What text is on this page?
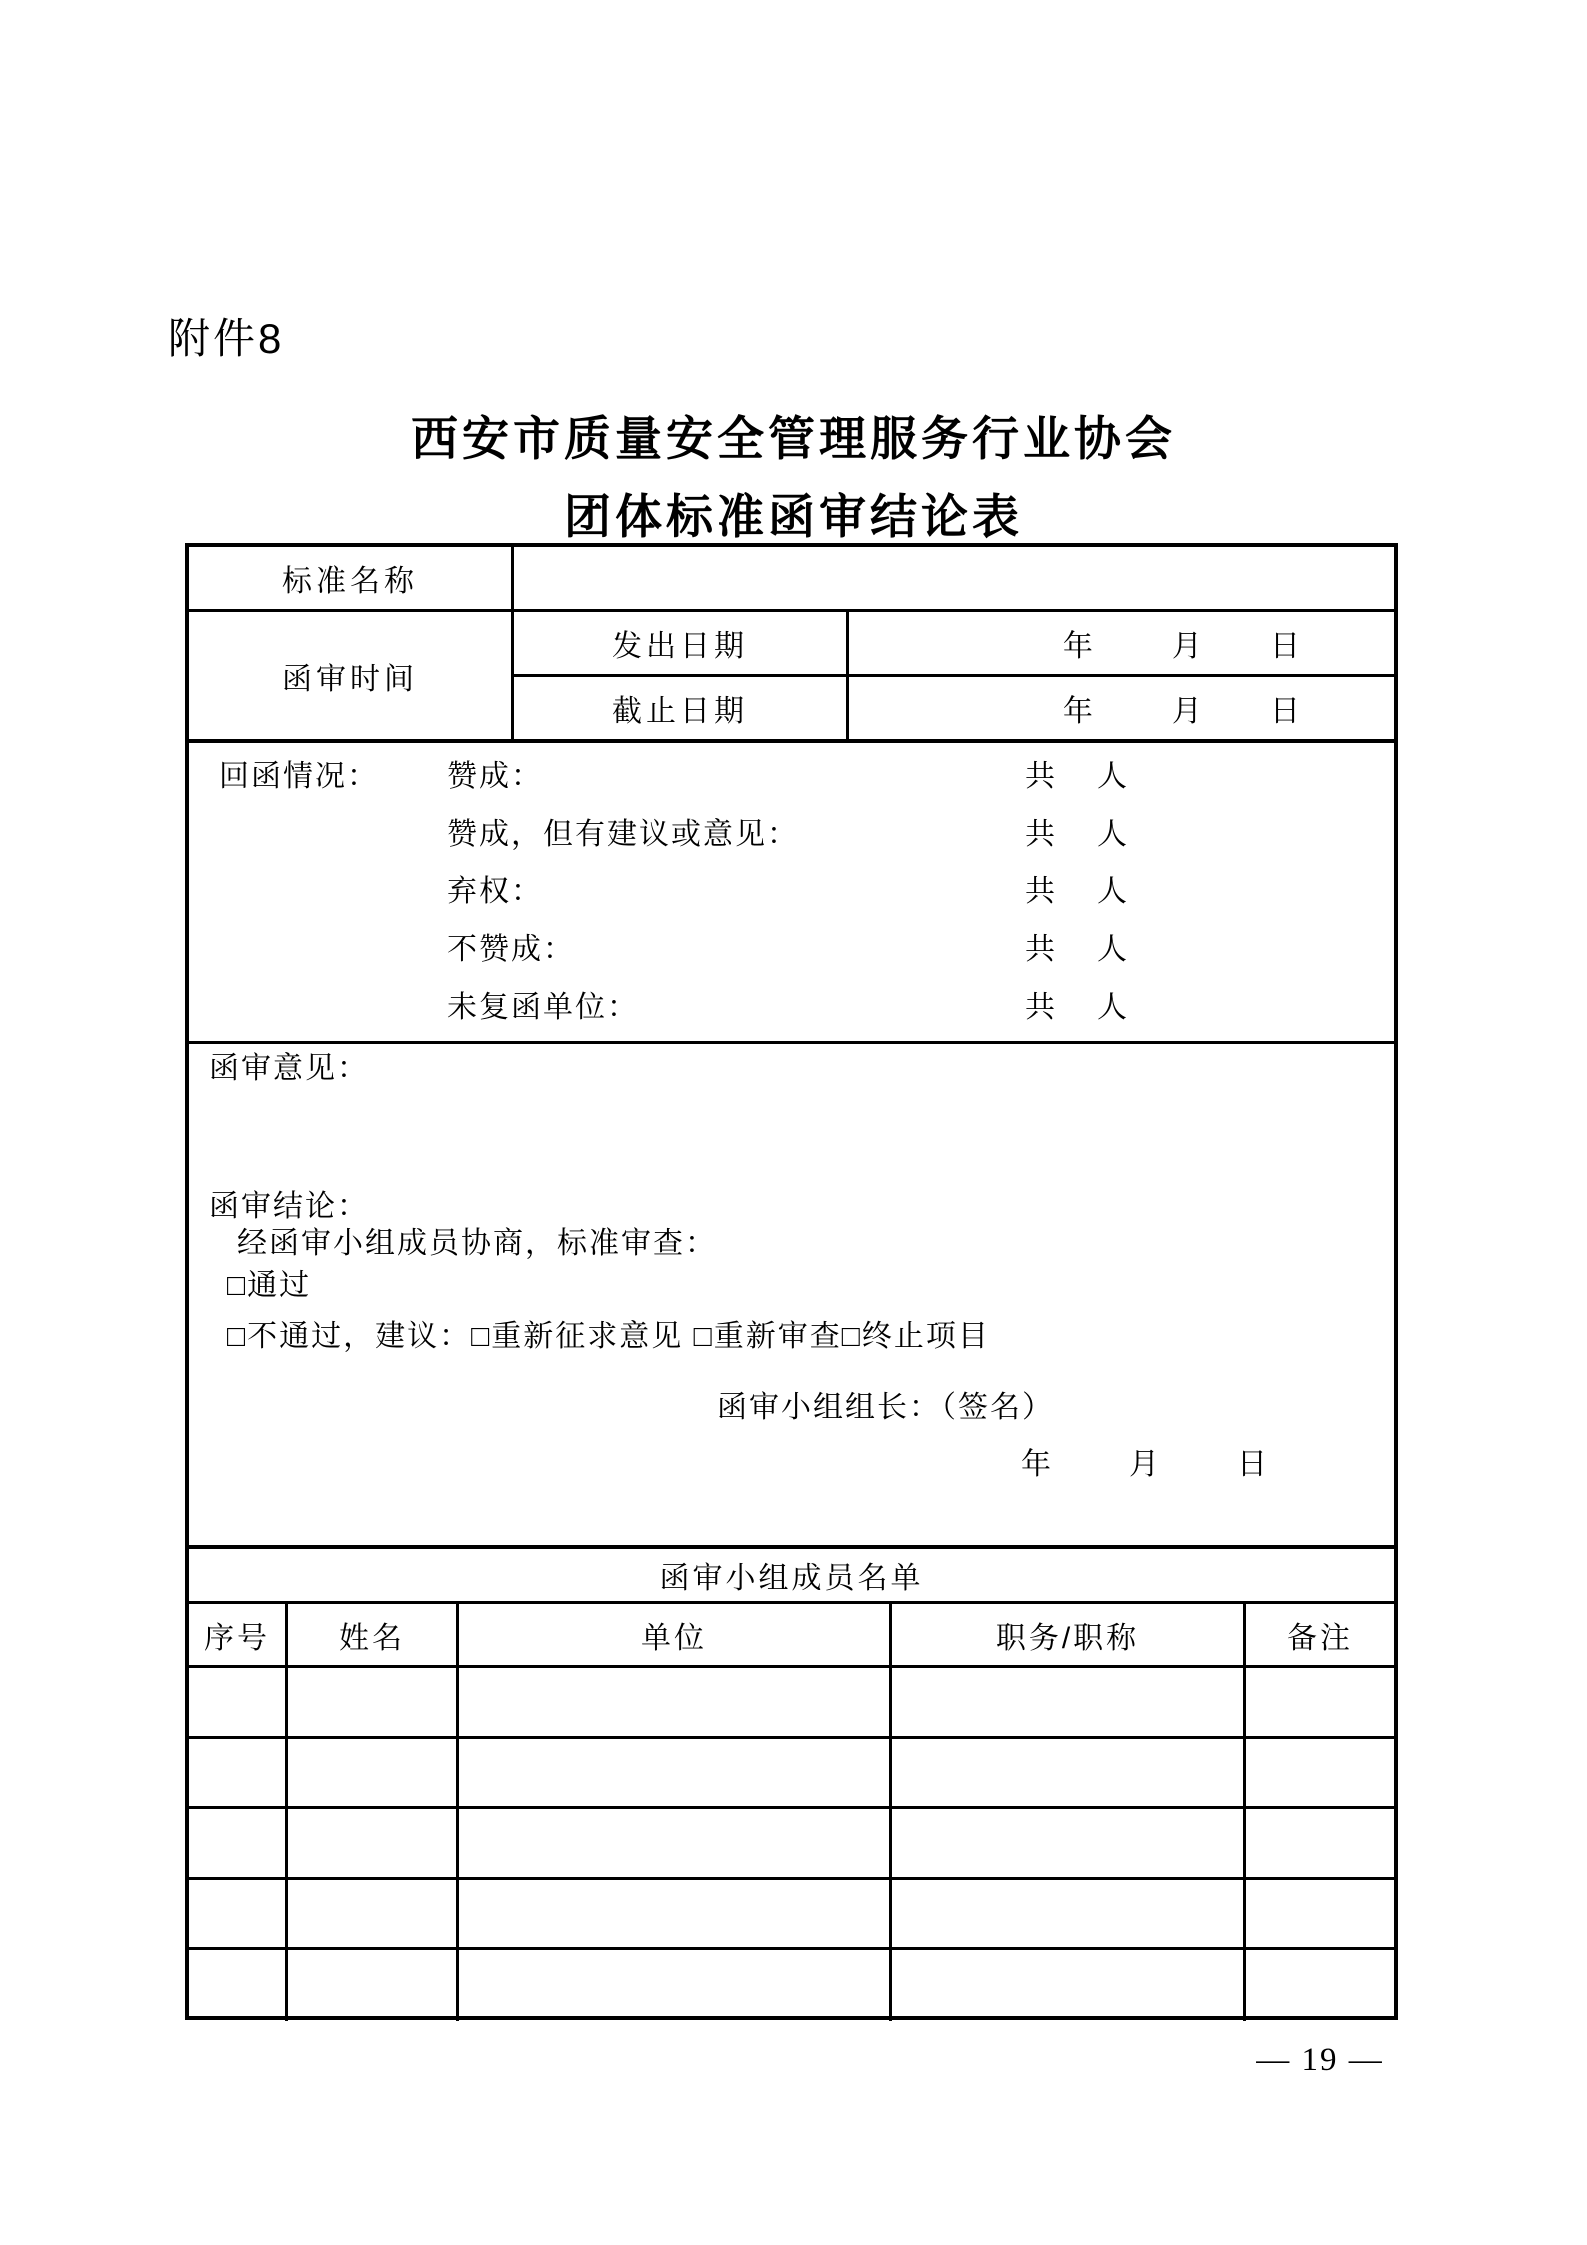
附件8
西安市质量安全管理服务行业协会
团体标准函审结论表
标准名称
函审时间
发出日期	年	月 日
截止日期	年	月 日
回函情况： 赞成：	共 人
赞成，但有建议或意见：	共 人
弃权：	共 人
不赞成：	共 人
未复函单位：	共 人
函审意见：
函审结论：
经函审小组成员协商，标准审查：
□通过
□不通过，建议：□重新征求意见 □重新审查□终止项目
函审小组组长：（签名）
年	月	日
函审小组成员名单
序号	姓名	单位	职务/职称	备注
— 19 —
